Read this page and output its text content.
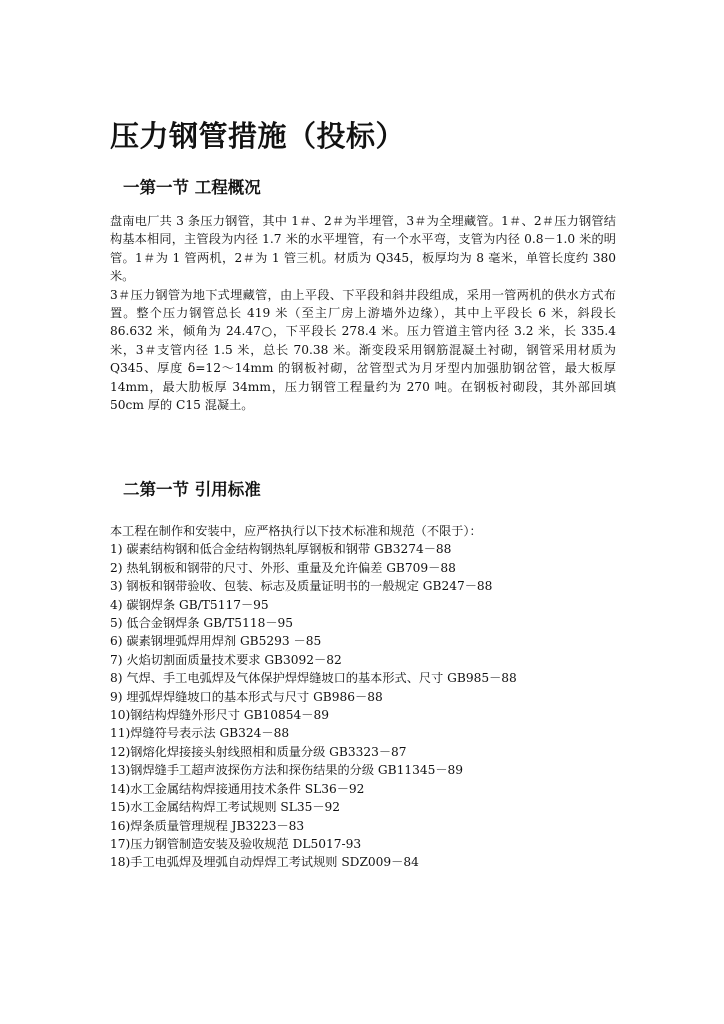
压力钢管措施（投标）
一第一节 工程概况

盘南电厂共 3 条压力钢管，其中 1＃、2＃为半埋管，3＃为全埋藏管。1＃、2＃压力钢管结构基本相同，主管段为内径 1.7 米的水平埋管，有一个水平弯，支管为内径 0.8－1.0 米的明管。1＃为 1 管两机，2＃为 1 管三机。材质为 Q345，板厚均为 8 毫米，单管长度约 380 米。

3＃压力钢管为地下式埋藏管，由上平段、下平段和斜井段组成，采用一管两机的供水方式布置。整个压力钢管总长 419 米（至主厂房上游墙外边缘），其中上平段长 6 米，斜段长 86.632 米，倾角为 24.47○，下平段长 278.4 米。压力管道主管内径 3.2 米，长 335.4 米，3＃支管内径 1.5 米，总长 70.38 米。渐变段采用钢筋混凝土衬砌，钢管采用材质为 Q345、厚度 δ=12～14mm 的钢板衬砌，岔管型式为月牙型内加强肋钢岔管，最大板厚 14mm，最大肋板厚 34mm，压力钢管工程量约为 270 吨。在钢板衬砌段，其外部回填 50cm 厚的 C15 混凝土。

二第一节 引用标准

本工程在制作和安装中，应严格执行以下技术标准和规范（不限于）：

1) 碳素结构钢和低合金结构钢热轧厚钢板和钢带 GB3274－88
2) 热轧钢板和钢带的尺寸、外形、重量及允许偏差 GB709－88
3) 钢板和钢带验收、包装、标志及质量证明书的一般规定 GB247－88
4) 碳钢焊条 GB/T5117－95
5) 低合金钢焊条 GB/T5118－95
6) 碳素钢埋弧焊用焊剂 GB5293 －85
7) 火焰切割面质量技术要求 GB3092－82
8) 气焊、手工电弧焊及气体保护焊焊缝坡口的基本形式、尺寸 GB985－88
9) 埋弧焊焊缝坡口的基本形式与尺寸 GB986－88
10)钢结构焊缝外形尺寸 GB10854－89
11)焊缝符号表示法 GB324－88
12)钢熔化焊接接头射线照相和质量分级 GB3323－87
13)钢焊缝手工超声波探伤方法和探伤结果的分级 GB11345－89
14)水工金属结构焊接通用技术条件 SL36－92
15)水工金属结构焊工考试规则 SL35－92
16)焊条质量管理规程 JB3223－83
17)压力钢管制造安装及验收规范 DL5017-93
18)手工电弧焊及埋弧自动焊焊工考试规则 SDZ009－84
